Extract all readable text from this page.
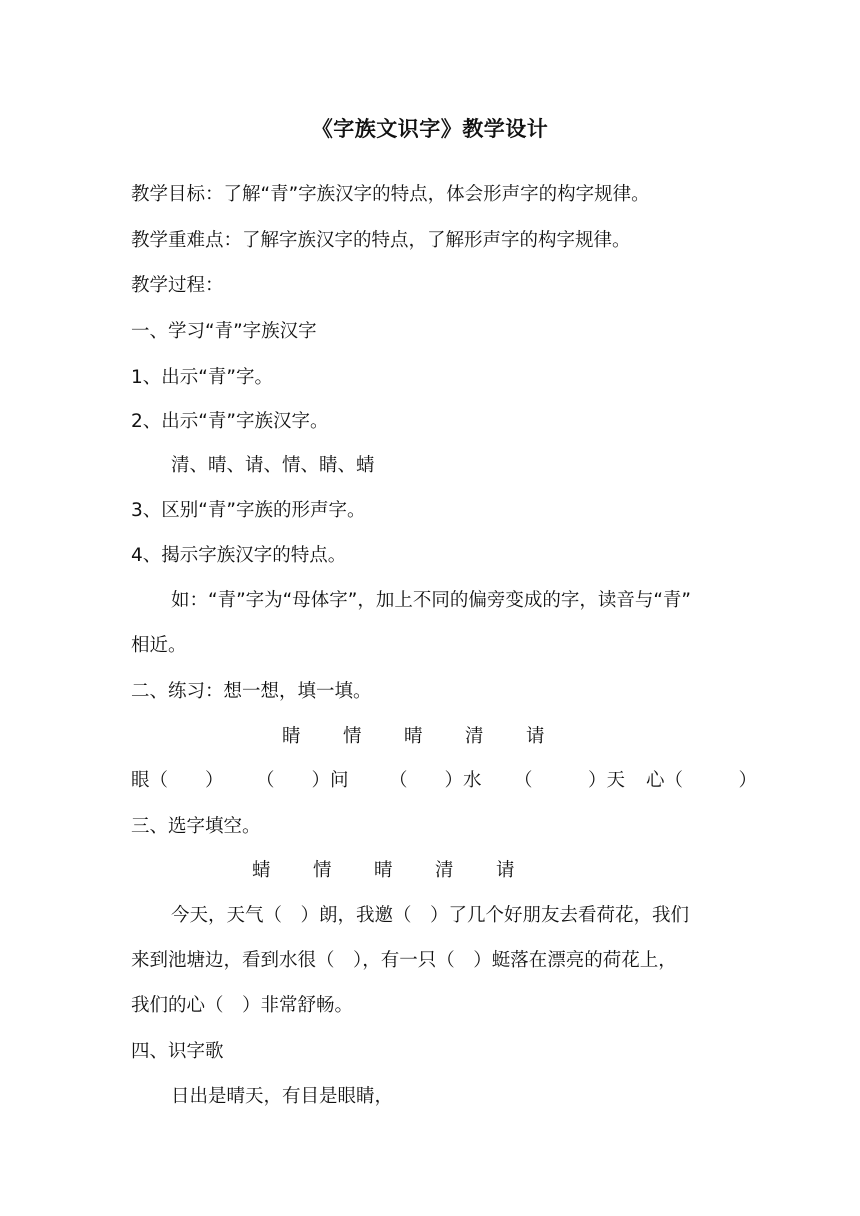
《字族文识字》教学设计
教学目标：了解“青”字族汉字的特点，体会形声字的构字规律。
教学重难点：了解字族汉字的特点，了解形声字的构字规律。
教学过程：
一、学习“青”字族汉字
1、出示“青”字。
2、出示“青”字族汉字。
清、晴、请、情、睛、蜻
3、区别“青”字族的形声字。
4、揭示字族汉字的特点。
如：“青”字为“母体字”，加上不同的偏旁变成的字，读音与“青”
相近。
二、练习：想一想，填一填。
睛 情 晴 清 请
眼（　　） （　　）问 （　　）水 （　　　）天 心（　　　）
三、选字填空。
蜻 情 晴 清 请
今天，天气（　）朗，我邀（　）了几个好朋友去看荷花，我们
来到池塘边，看到水很（　），有一只（　）蜓落在漂亮的荷花上，
我们的心（　）非常舒畅。
四、识字歌
日出是晴天，有目是眼睛，
